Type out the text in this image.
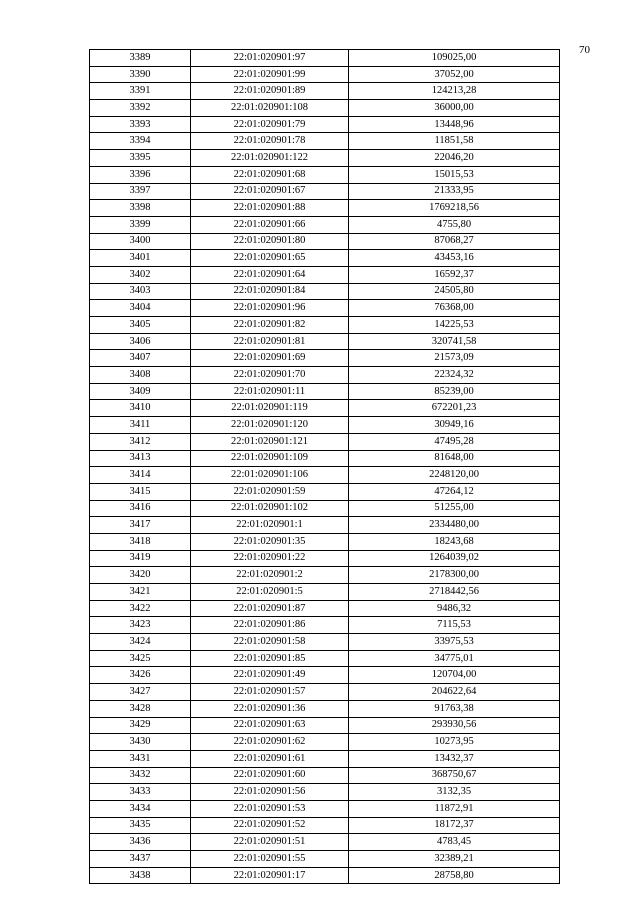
70
3389	22:01:020901:97	109025,00
3390	22:01:020901:99	37052,00
3391	22:01:020901:89	124213,28
3392	22:01:020901:108	36000,00
3393	22:01:020901:79	13448,96
3394	22:01:020901:78	11851,58
3395	22:01:020901:122	22046,20
3396	22:01:020901:68	15015,53
3397	22:01:020901:67	21333,95
3398	22:01:020901:88	1769218,56
3399	22:01:020901:66	4755,80
3400	22:01:020901:80	87068,27
3401	22:01:020901:65	43453,16
3402	22:01:020901:64	16592,37
3403	22:01:020901:84	24505,80
3404	22:01:020901:96	76368,00
3405	22:01:020901:82	14225,53
3406	22:01:020901:81	320741,58
3407	22:01:020901:69	21573,09
3408	22:01:020901:70	22324,32
3409	22:01:020901:11	85239,00
3410	22:01:020901:119	672201,23
3411	22:01:020901:120	30949,16
3412	22:01:020901:121	47495,28
3413	22:01:020901:109	81648,00
3414	22:01:020901:106	2248120,00
3415	22:01:020901:59	47264,12
3416	22:01:020901:102	51255,00
3417	22:01:020901:1	2334480,00
3418	22:01:020901:35	18243,68
3419	22:01:020901:22	1264039,02
3420	22:01:020901:2	2178300,00
3421	22:01:020901:5	2718442,56
3422	22:01:020901:87	9486,32
3423	22:01:020901:86	7115,53
3424	22:01:020901:58	33975,53
3425	22:01:020901:85	34775,01
3426	22:01:020901:49	120704,00
3427	22:01:020901:57	204622,64
3428	22:01:020901:36	91763,38
3429	22:01:020901:63	293930,56
3430	22:01:020901:62	10273,95
3431	22:01:020901:61	13432,37
3432	22:01:020901:60	368750,67
3433	22:01:020901:56	3132,35
3434	22:01:020901:53	11872,91
3435	22:01:020901:52	18172,37
3436	22:01:020901:51	4783,45
3437	22:01:020901:55	32389,21
3438	22:01:020901:17	28758,80
